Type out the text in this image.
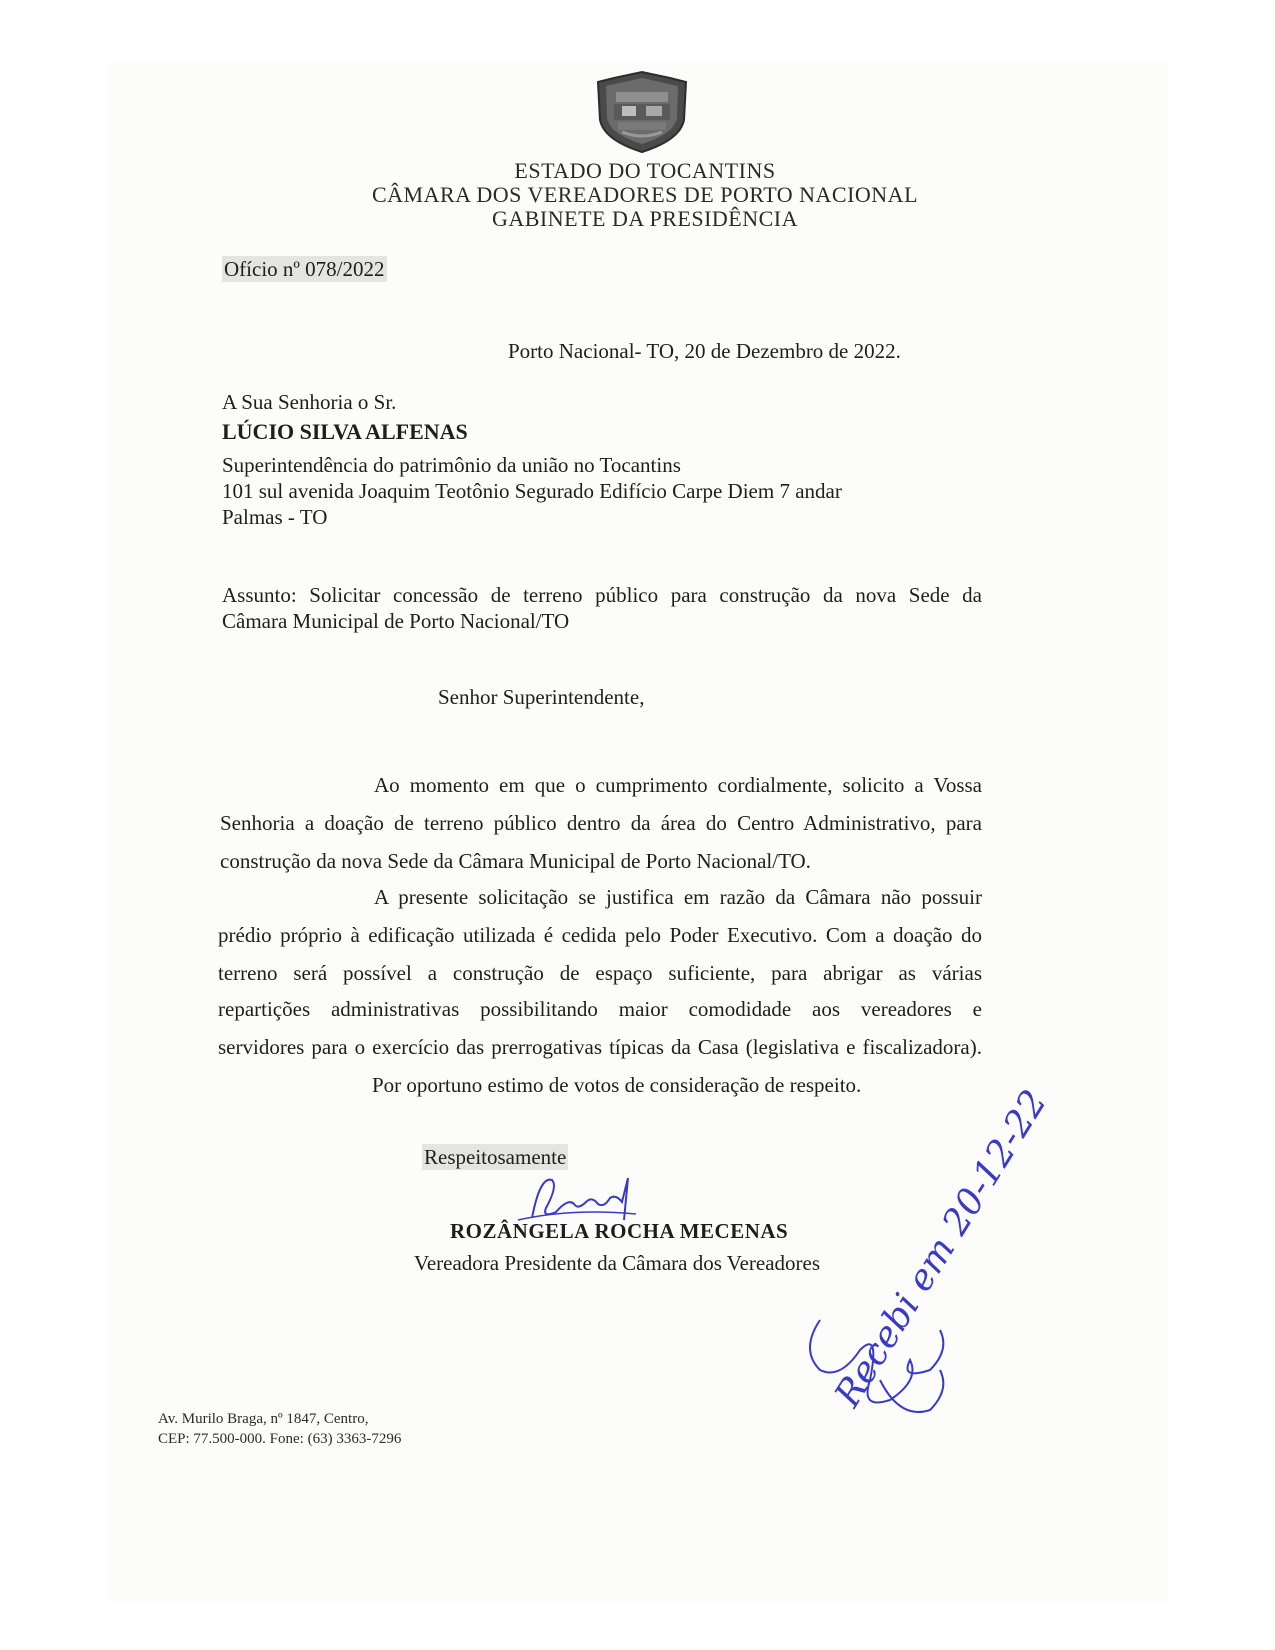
ESTADO DO TOCANTINS
CÂMARA DOS VEREADORES DE PORTO NACIONAL
GABINETE DA PRESIDÊNCIA
Ofício nº 078/2022
Porto Nacional- TO, 20 de Dezembro de 2022.
A Sua Senhoria o Sr.
LÚCIO SILVA ALFENAS
Superintendência do patrimônio da união no Tocantins
101 sul avenida Joaquim Teotônio Segurado Edifício Carpe Diem 7 andar
Palmas - TO
Assunto: Solicitar concessão de terreno público para construção da nova Sede da
Câmara Municipal de Porto Nacional/TO
Senhor Superintendente,
Ao momento em que o cumprimento cordialmente, solicito a Vossa
Senhoria a doação de terreno público dentro da área do Centro Administrativo, para
construção da nova Sede da Câmara Municipal de Porto Nacional/TO.
A presente solicitação se justifica em razão da Câmara não possuir
prédio próprio à edificação utilizada é cedida pelo Poder Executivo. Com a doação do
terreno será possível a construção de espaço suficiente, para abrigar as várias
repartições administrativas possibilitando maior comodidade aos vereadores e
servidores para o exercício das prerrogativas típicas da Casa (legislativa e fiscalizadora).
Por oportuno estimo de votos de consideração de respeito.
Respeitosamente
ROZÂNGELA ROCHA MECENAS
Vereadora Presidente da Câmara dos Vereadores Recebi em 20-12-22
Av. Murilo Braga, nº 1847, Centro,
CEP: 77.500-000. Fone: (63) 3363-7296
